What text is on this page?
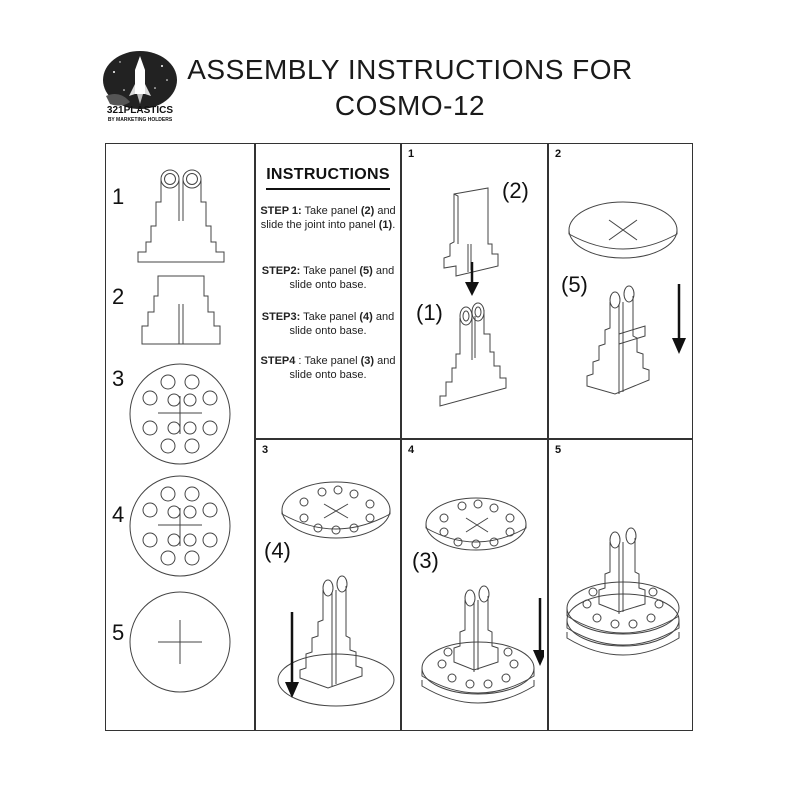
321PLASTICS
BY MARKETING HOLDERS
ASSEMBLY INSTRUCTIONS FOR
COSMO-12
1
2
3
4
5
INSTRUCTIONS
STEP 1: Take panel (2) and slide the joint into panel (1).
STEP2: Take panel (5) and slide onto base.
STEP3: Take panel (4) and slide onto base.
STEP4 : Take panel (3) and slide onto base.
1
(2)
(1)
2
(5)
3
(4)
4
(3)
5
